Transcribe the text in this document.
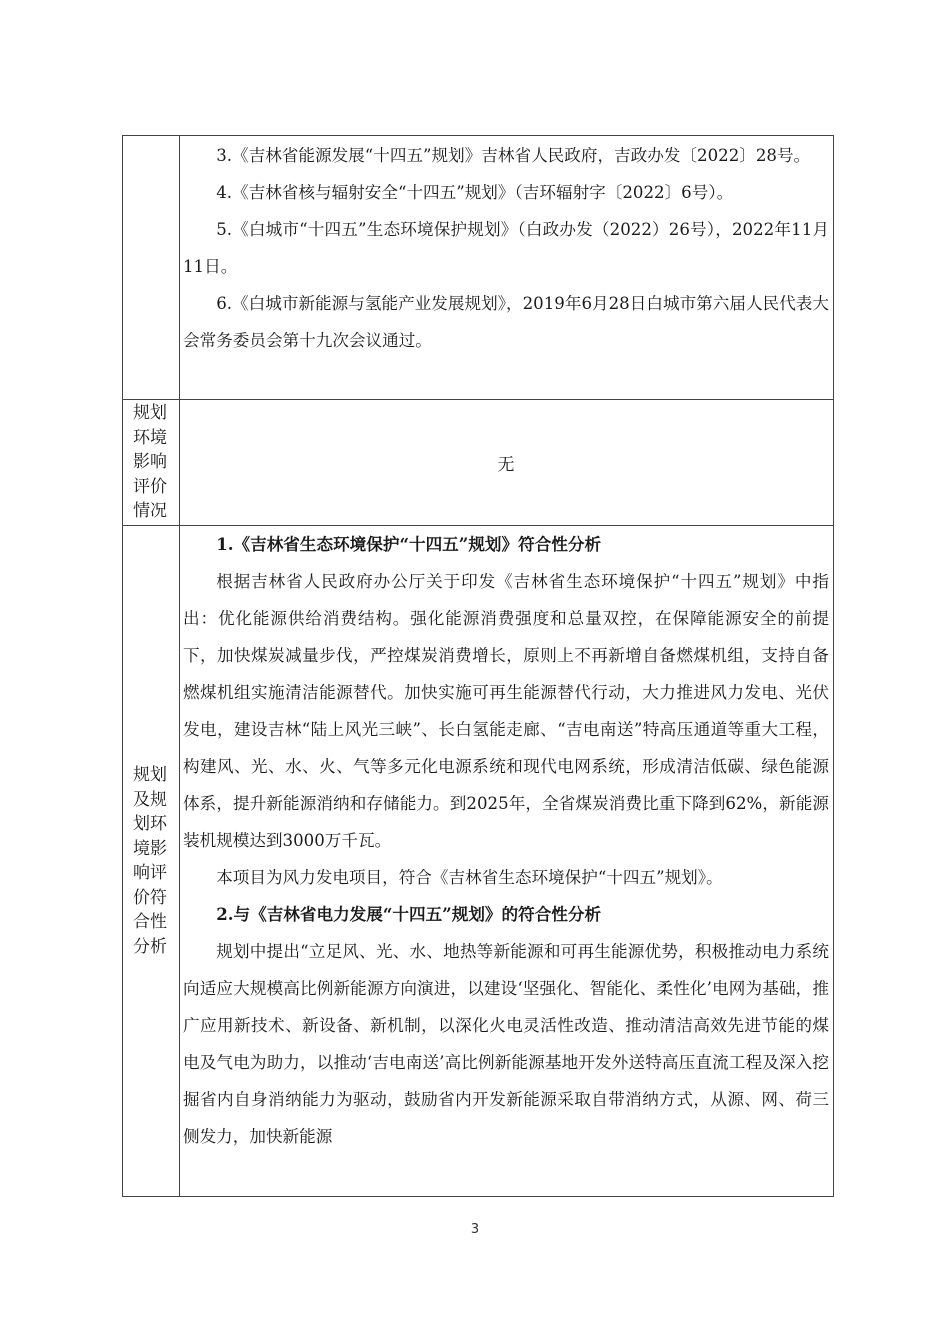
	3.《吉林省能源发展“十四五”规划》吉林省人民政府，吉政办发〔2022〕28号。

4.《吉林省核与辐射安全“十四五”规划》（吉环辐射字〔2022〕6号）。

5.《白城市“十四五”生态环境保护规划》（白政办发（2022）26号），2022年11月11日。

6.《白城市新能源与氢能产业发展规划》，2019年6月28日白城市第六届人民代表大会常务委员会第十九次会议通过。

规划环境影响评价情况	无
规划及规划环境影响评价符合性分析	1.《吉林省生态环境保护“十四五”规划》符合性分析

根据吉林省人民政府办公厅关于印发《吉林省生态环境保护“十四五”规划》中指出：优化能源供给消费结构。强化能源消费强度和总量双控，在保障能源安全的前提下，加快煤炭减量步伐，严控煤炭消费增长，原则上不再新增自备燃煤机组，支持自备燃煤机组实施清洁能源替代。加快实施可再生能源替代行动，大力推进风力发电、光伏发电，建设吉林“陆上风光三峡”、长白氢能走廊、“吉电南送”特高压通道等重大工程，构建风、光、水、火、气等多元化电源系统和现代电网系统，形成清洁低碳、绿色能源体系，提升新能源消纳和存储能力。到2025年，全省煤炭消费比重下降到62%，新能源装机规模达到3000万千瓦。

本项目为风力发电项目，符合《吉林省生态环境保护“十四五”规划》。

2.与《吉林省电力发展“十四五”规划》的符合性分析

规划中提出“立足风、光、水、地热等新能源和可再生能源优势，积极推动电力系统向适应大规模高比例新能源方向演进，以建设‘坚强化、智能化、柔性化’电网为基础，推广应用新技术、新设备、新机制，以深化火电灵活性改造、推动清洁高效先进节能的煤电及气电为助力，以推动‘吉电南送’高比例新能源基地开发外送特高压直流工程及深入挖掘省内自身消纳能力为驱动，鼓励省内开发新能源采取自带消纳方式，从源、网、荷三侧发力，加快新能源

3
